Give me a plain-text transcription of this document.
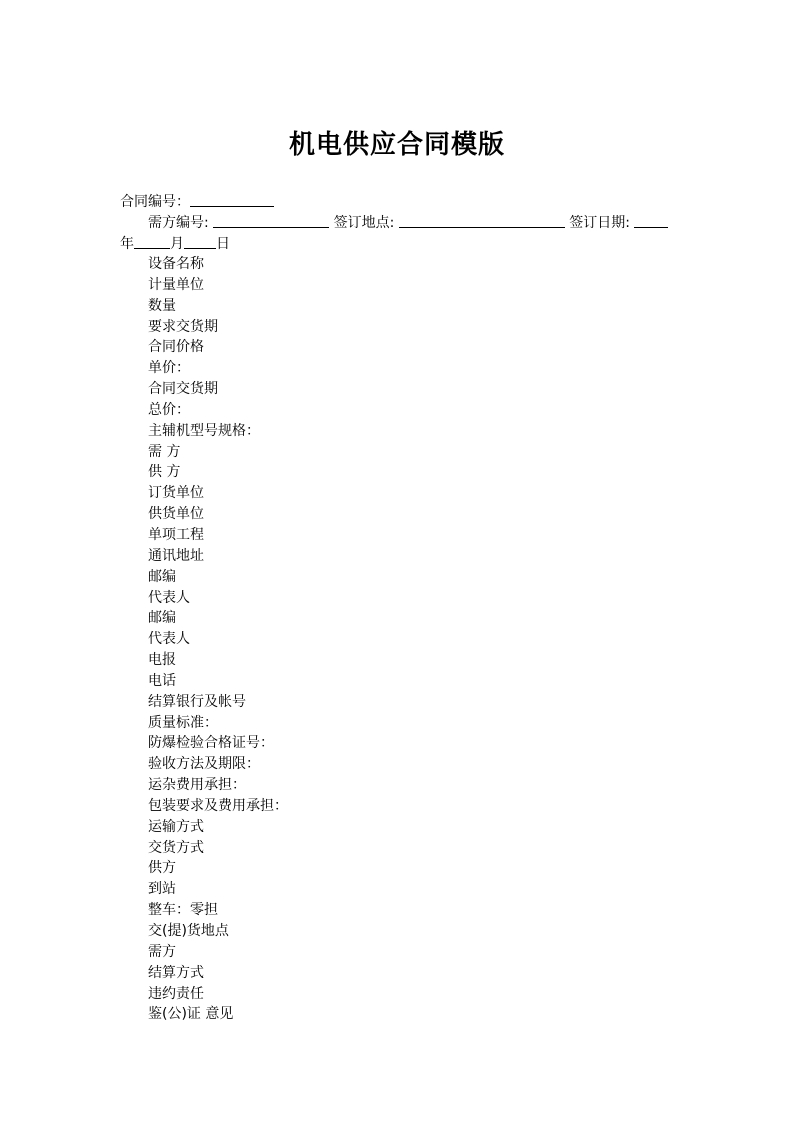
机电供应合同模版
合同编号：
需方编号:	签订地点:	签订日期:
年	月 日
设备名称
计量单位
数量
要求交货期
合同价格
单价：
合同交货期
总价：
主辅机型号规格：
需 方
供 方
订货单位
供货单位
单项工程
通讯地址
邮编
代表人
邮编
代表人
电报
电话
结算银行及帐号
质量标准：
防爆检验合格证号：
验收方法及期限：
运杂费用承担：
包装要求及费用承担：
运输方式
交货方式
供方
到站
整车：零担
交(提)货地点
需方
结算方式
违约责任
鉴(公)证 意见
